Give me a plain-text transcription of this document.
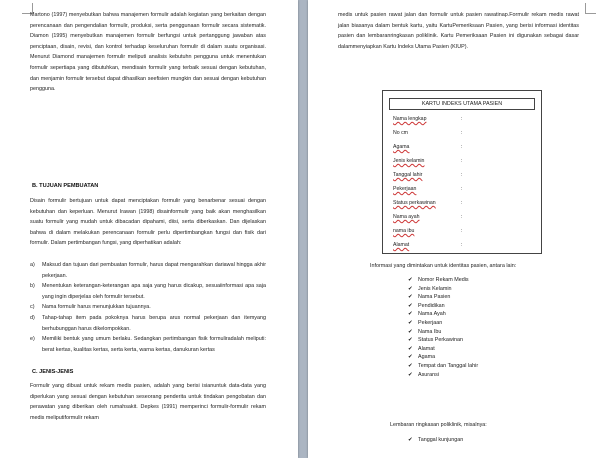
Martono (1997) menyebutkan bahwa manajemen formulir adalah kegiatan yang berkaitan dengan perencanaan dan pengendalian formulir, produksi, serta penggunaan formulir secara sistematik. Diamon (1995) menyebutkan manajemen formulir berfungsi untuk pertanggung jawaban atas penciptaan, disain, revisi, dan kontrol terhadap keseluruhan formulir di dalam suatu organisasi. Menurut Diamond manajemen formulir meliputi analisis kebutuhn pengguna untuk menentukan formulir sepertiapa yang dibutuhkan, mendisain formulir yang terbaik sesuai dengan kebutuhan, dan menjamin formulir tersebut dapat dihasilkan seefisien mungkin dan sesuai dengan kebutuhan pengguna.

B. TUJUAN PEMBUATAN

Disain formulir bertujuan untuk dapat menciptakan formulir yang benarbenar sesuai dengan kebutuhan dan keperluan. Menurut Irawan (1998) disainformulir yang baik akan menghasilkan suatu formulir yang mudah untuk dibacadan dipahami, diisi, serta diberkaskan. Dan dijelaskan bahwa di dalam melakukan perencanaan formulir perlu dipertimbangkan fungsi dan fisik dari formulir. Dalam pertimbangan fungsi, yang diperhatikan adalah:

a) Maksud dan tujuan dari pembuatan formulir, harus dapat mengarahkan dariawal hingga akhir pekerjaan.
b) Menentukan keterangan-keterangan apa saja yang harus dicakup, sesuaiinformasi apa saja yang ingin diperjelas oleh formulir tersebut.
c) Nama formulir harus menunjukkan tujuannya.
d) Tahap-tahap item pada pokoknya harus berupa arus normal pekerjaan dan itemyang berhubunggan harus dikelompokkan.
e) Memiliki bentuk yang umum berlaku. Sedangkan pertimbangan fisik formuliradalah meliputi: berat kertas, kualitas kertas, serta kerta, warna kertas, danukuran kertas
C. JENIS-JENIS

Formulir yang dibuat untuk rekam medis pasien, adalah yang berisi isianuntuk data-data yang diperlukan yang sesuai dengan kebutuhan seseorang penderita untuk tindakan pengobatan dan perawatan yang diberikan oleh rumahsakit. Depkes (1991) memperinci formulir-formulir rekam medis meliputiformulir rekam

medis untuk pasien rawat jalan dan formulir untuk pasien rawatinap.Formulir rekam medis rawat jalan biasanya dalam bentuk kartu, yaitu KartuPemeriksaan Pasien, yang berisi informasi identitas pasien dan lembaranringkasan poliklinik. Kartu Pemeriksaan Pasien ini digunakan sebagai dasar dalammenyiapkan Kartu Indeks Utama Pasien (KIUP).

KARTU INDEKS UTAMA PASIEN
Nama lengkap	:
No cm	:
Agama	:
Jenis kelamin	:
Tanggal lahir	:
Pekerjaan	:
Status perkawinan	:
Nama ayah	:
nama ibu	:
Alamat	:
Informasi yang dimintakan untuk identitas pasien, antara lain:
✔ Nomor Rekam Medis
✔ Jenis Kelamin
✔ Nama Pasien
✔ Pendidikan
✔ Nama Ayah
✔ Pekerjaan
✔ Nama Ibu
✔ Status Perkawinan
✔ Alamat
✔ Agama
✔ Tempat dan Tanggal lahir
✔ Asuransi
Lembaran ringkasan poliklinik, misalnya:
✔ Tanggal kunjungan
